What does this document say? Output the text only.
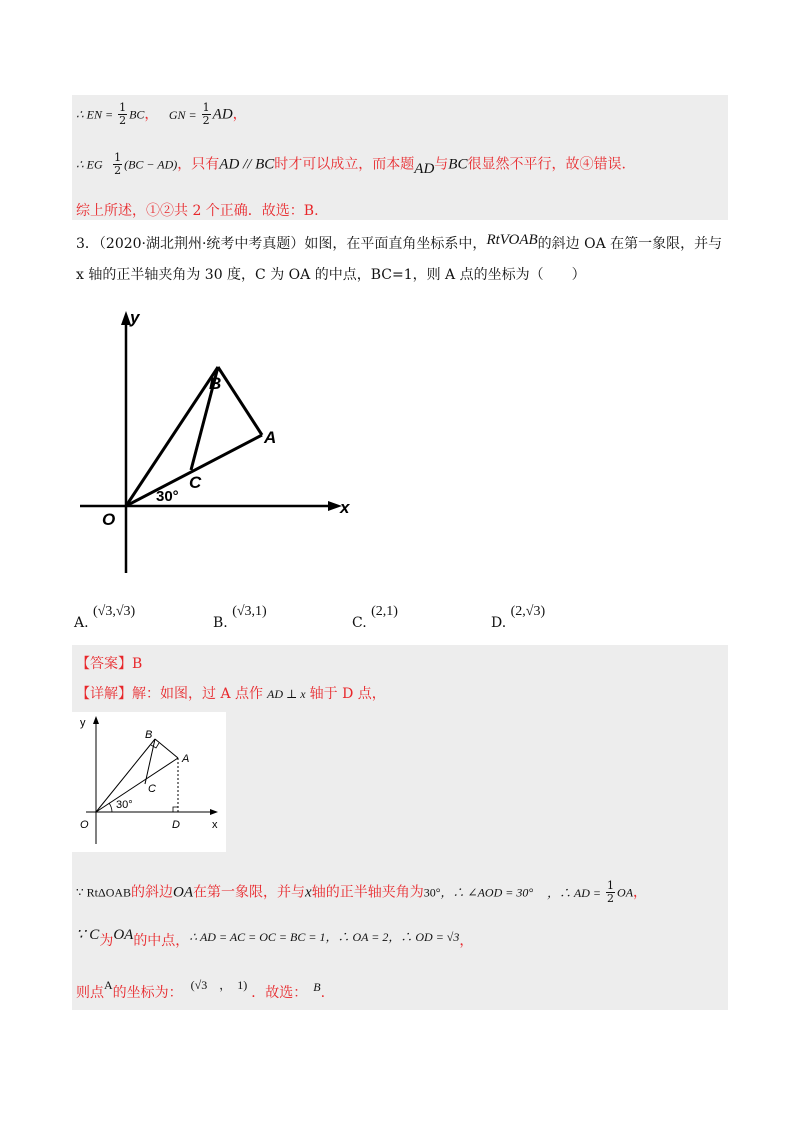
∴ EN = $\frac{1}{2}$ BC， GN = $\frac{1}{2}$ AD，
∴ EG $\frac{1}{2} (BC - AD)$，只有AD // BC时才可以成立，而本题AD与BC很显然不平行，故④错误.
综上所述，①②共 2 个正确．故选：B.
3．（2020·湖北荆州·统考中考真题）如图，在平面直角坐标系中，RtVOAB的斜边 OA 在第一象限，并与
x 轴的正半轴夹角为 30 度，C 为 OA 的中点，BC=1，则 A 点的坐标为（　　）
y
x
O
B
A
C
30°
A. (√3,√3)
B. (√3,1)
C. (2,1)
D. (2,√3)
【答案】B
【详解】解：如图，过 A 点作 AD ⊥ x 轴于 D 点，
y
x
O
B
A
C
D
30°
∵ RtΔOAB的斜边OA在第一象限，并与x轴的正半轴夹角为30°，∴ ∠AOD = 30° ，∴ AD = $\frac{1}{2}$ OA，
∵ C为OA的中点，∴ AD = AC = OC = BC = 1，∴ OA = 2，∴ OD = √3，
则点A的坐标为： (√3　，　1) ．故选： B.
